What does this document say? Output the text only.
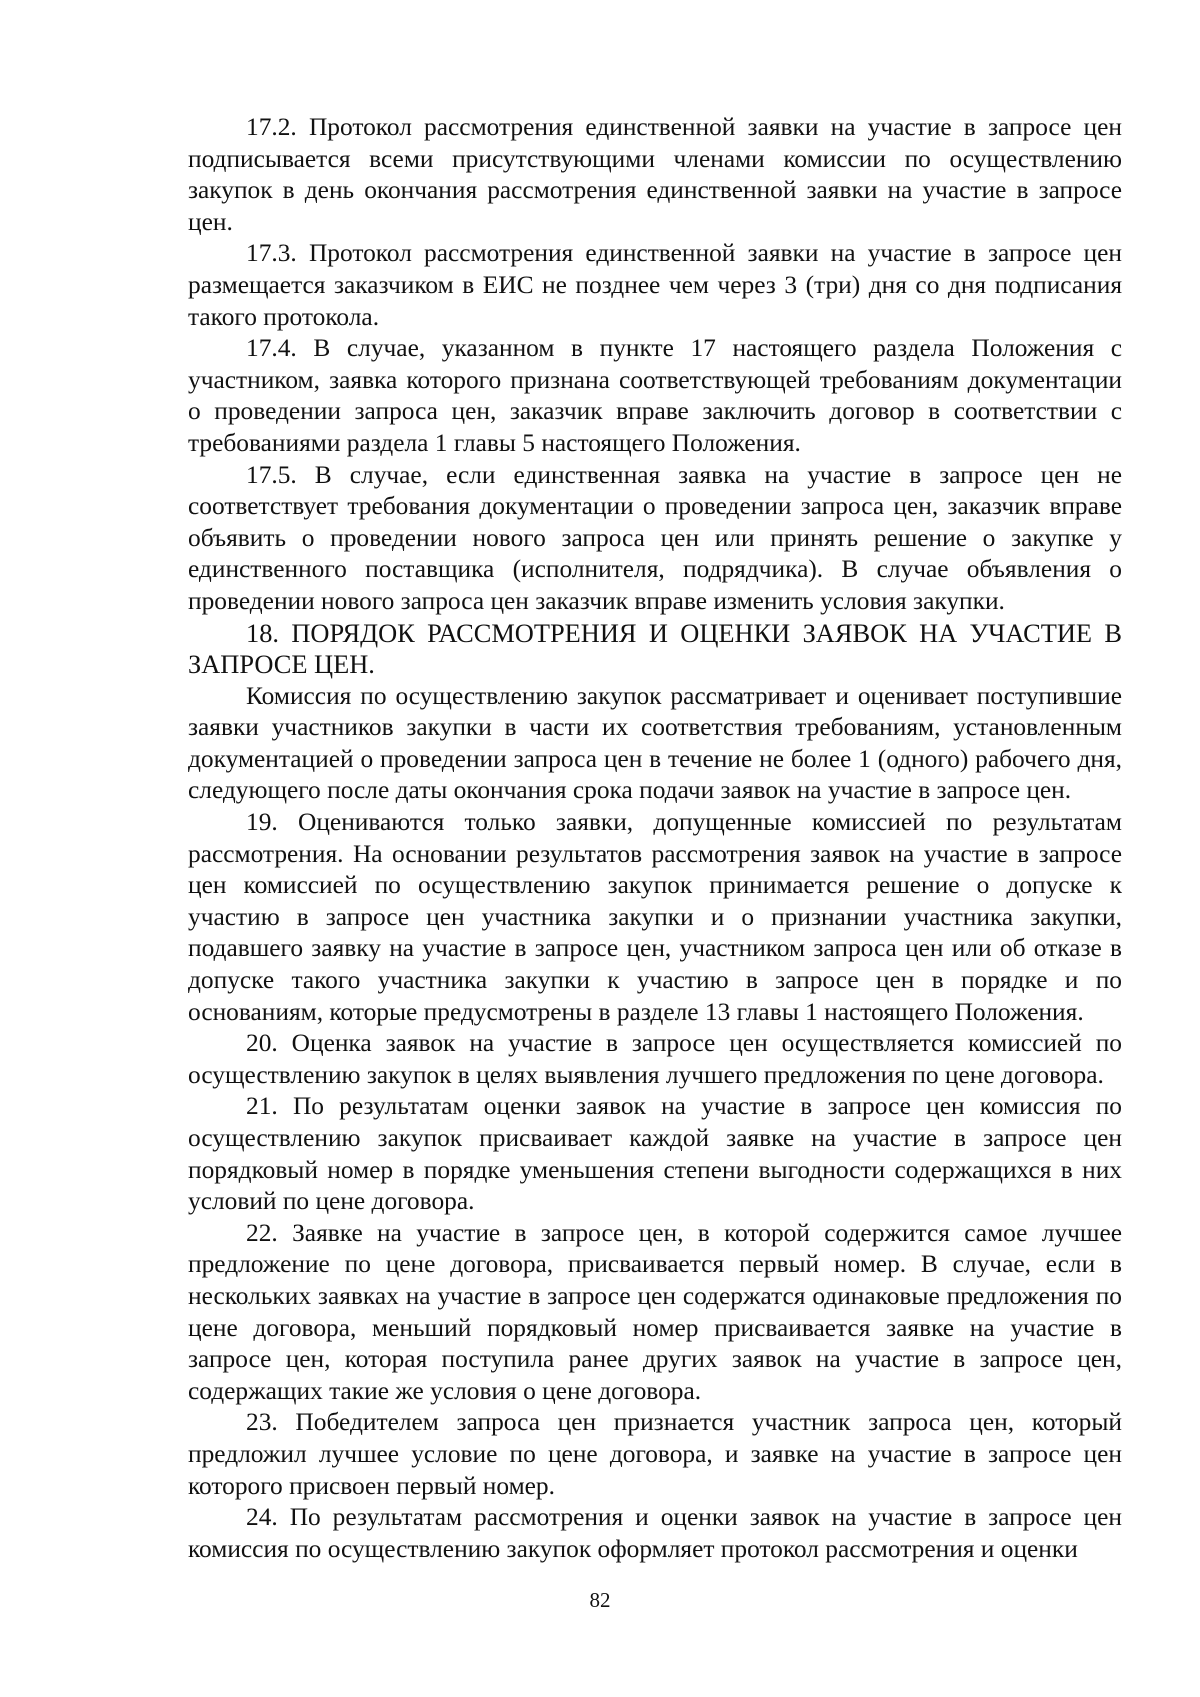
17.2. Протокол рассмотрения единственной заявки на участие в запросе цен подписывается всеми присутствующими членами комиссии по осуществлению закупок в день окончания рассмотрения единственной заявки на участие в запросе цен.

17.3. Протокол рассмотрения единственной заявки на участие в запросе цен размещается заказчиком в ЕИС не позднее чем через 3 (три) дня со дня подписания такого протокола.

17.4. В случае, указанном в пункте 17 настоящего раздела Положения с участником, заявка которого признана соответствующей требованиям документации о проведении запроса цен, заказчик вправе заключить договор в соответствии с требованиями раздела 1 главы 5 настоящего Положения.

17.5. В случае, если единственная заявка на участие в запросе цен не соответствует требования документации о проведении запроса цен, заказчик вправе объявить о проведении нового запроса цен или принять решение о закупке у единственного поставщика (исполнителя, подрядчика). В случае объявления о проведении нового запроса цен заказчик вправе изменить условия закупки.

18. ПОРЯДОК РАССМОТРЕНИЯ И ОЦЕНКИ ЗАЯВОК НА УЧАСТИЕ В ЗАПРОСЕ ЦЕН.

Комиссия по осуществлению закупок рассматривает и оценивает поступившие заявки участников закупки в части их соответствия требованиям, установленным документацией о проведении запроса цен в течение не более 1 (одного) рабочего дня, следующего после даты окончания срока подачи заявок на участие в запросе цен.

19. Оцениваются только заявки, допущенные комиссией по результатам рассмотрения. На основании результатов рассмотрения заявок на участие в запросе цен комиссией по осуществлению закупок принимается решение о допуске к участию в запросе цен участника закупки и о признании участника закупки, подавшего заявку на участие в запросе цен, участником запроса цен или об отказе в допуске такого участника закупки к участию в запросе цен в порядке и по основаниям, которые предусмотрены в разделе 13 главы 1 настоящего Положения.

20. Оценка заявок на участие в запросе цен осуществляется комиссией по осуществлению закупок в целях выявления лучшего предложения по цене договора.

21. По результатам оценки заявок на участие в запросе цен комиссия по осуществлению закупок присваивает каждой заявке на участие в запросе цен порядковый номер в порядке уменьшения степени выгодности содержащихся в них условий по цене договора.

22. Заявке на участие в запросе цен, в которой содержится самое лучшее предложение по цене договора, присваивается первый номер. В случае, если в нескольких заявках на участие в запросе цен содержатся одинаковые предложения по цене договора, меньший порядковый номер присваивается заявке на участие в запросе цен, которая поступила ранее других заявок на участие в запросе цен, содержащих такие же условия о цене договора.

23. Победителем запроса цен признается участник запроса цен, который предложил лучшее условие по цене договора, и заявке на участие в запросе цен которого присвоен первый номер.

24. По результатам рассмотрения и оценки заявок на участие в запросе цен комиссия по осуществлению закупок оформляет протокол рассмотрения и оценки

82
